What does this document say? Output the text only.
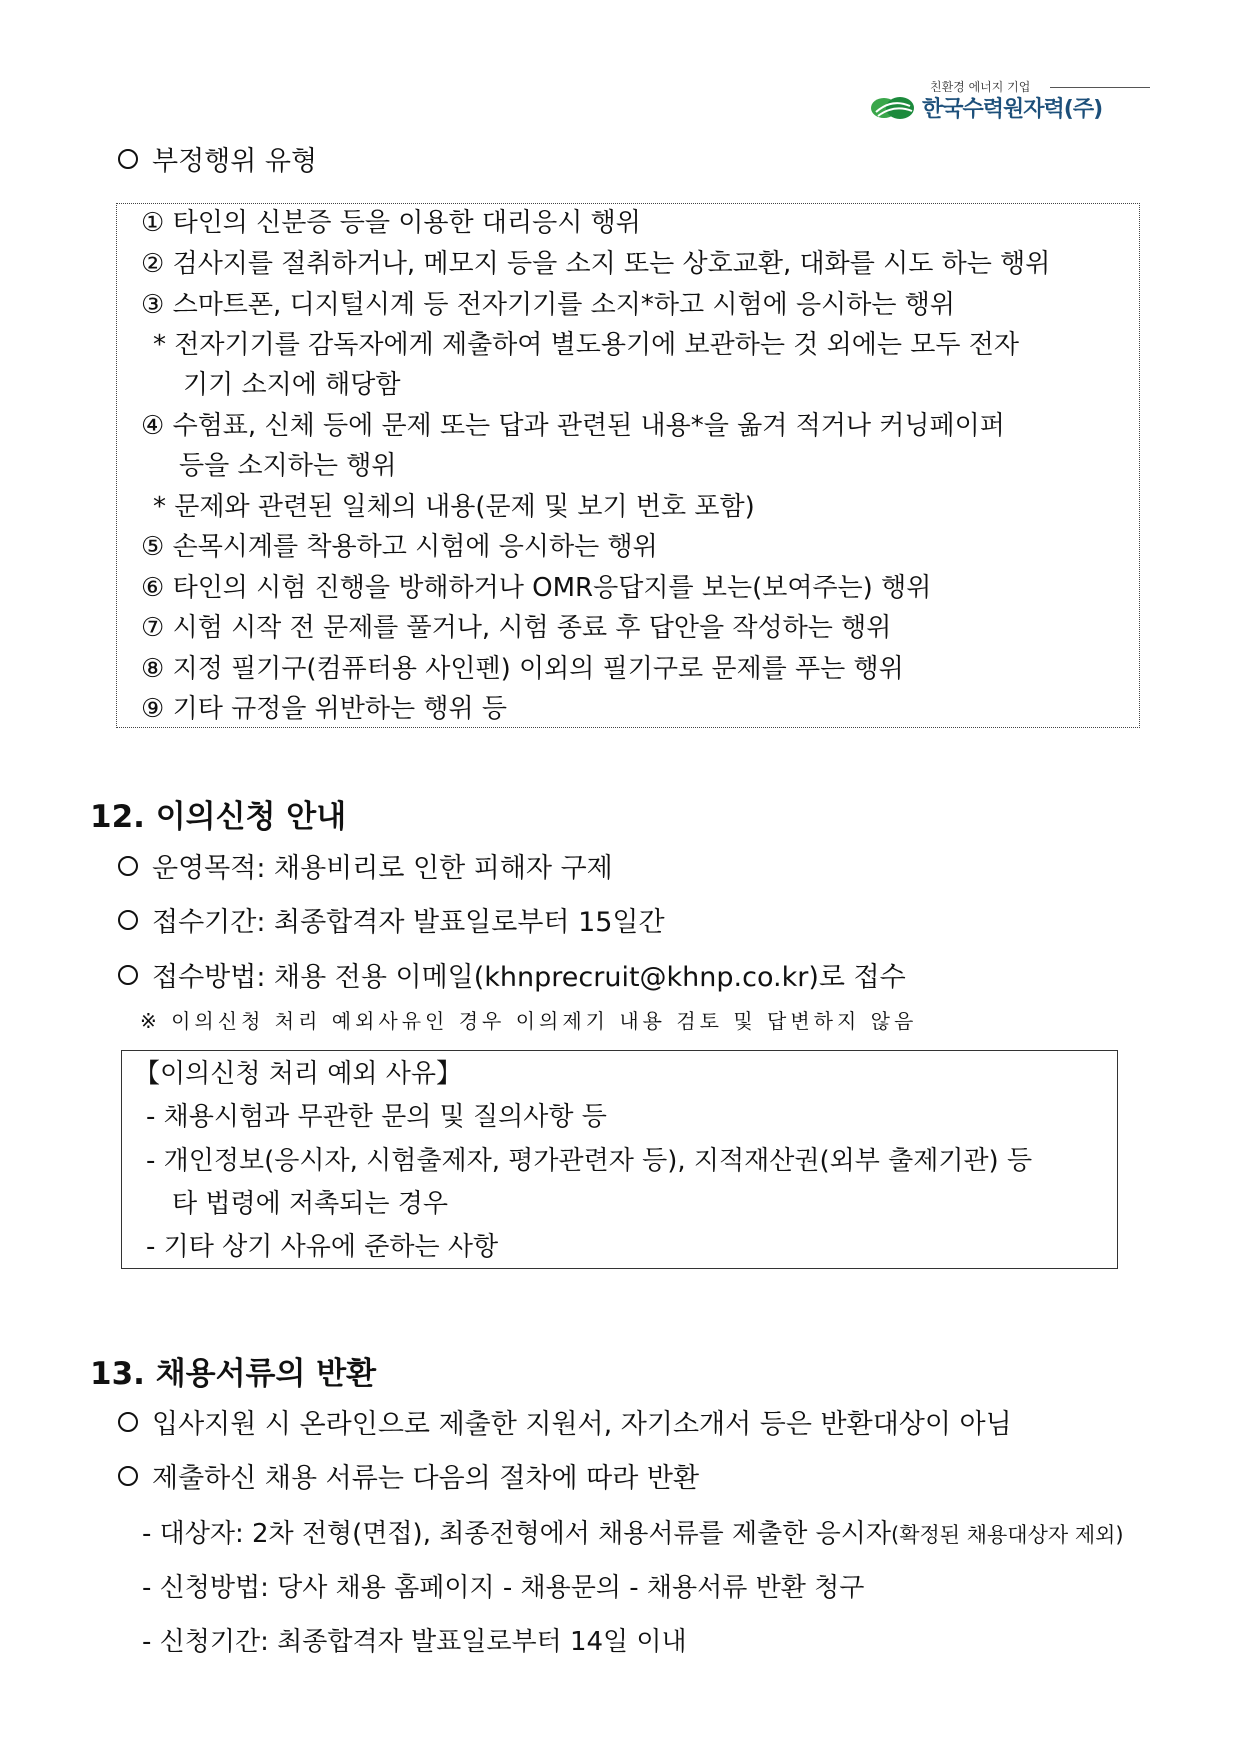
친환경 에너지 기업
한국수력원자력(주)
부정행위 유형
① 타인의 신분증 등을 이용한 대리응시 행위
② 검사지를 절취하거나, 메모지 등을 소지 또는 상호교환, 대화를 시도 하는 행위
③ 스마트폰, 디지털시계 등 전자기기를 소지*하고 시험에 응시하는 행위
* 전자기기를 감독자에게 제출하여 별도용기에 보관하는 것 외에는 모두 전자
기기 소지에 해당함
④ 수험표, 신체 등에 문제 또는 답과 관련된 내용*을 옮겨 적거나 커닝페이퍼
등을 소지하는 행위
* 문제와 관련된 일체의 내용(문제 및 보기 번호 포함)
⑤ 손목시계를 착용하고 시험에 응시하는 행위
⑥ 타인의 시험 진행을 방해하거나 OMR응답지를 보는(보여주는) 행위
⑦ 시험 시작 전 문제를 풀거나, 시험 종료 후 답안을 작성하는 행위
⑧ 지정 필기구(컴퓨터용 사인펜) 이외의 필기구로 문제를 푸는 행위
⑨ 기타 규정을 위반하는 행위 등
12. 이의신청 안내
운영목적: 채용비리로 인한 피해자 구제
접수기간: 최종합격자 발표일로부터 15일간
접수방법: 채용 전용 이메일(khnprecruit@khnp.co.kr)로 접수
※ 이의신청 처리 예외사유인 경우 이의제기 내용 검토 및 답변하지 않음
【이의신청 처리 예외 사유】
- 채용시험과 무관한 문의 및 질의사항 등
- 개인정보(응시자, 시험출제자, 평가관련자 등), 지적재산권(외부 출제기관) 등
타 법령에 저촉되는 경우
- 기타 상기 사유에 준하는 사항
13. 채용서류의 반환
입사지원 시 온라인으로 제출한 지원서, 자기소개서 등은 반환대상이 아님
제출하신 채용 서류는 다음의 절차에 따라 반환
- 대상자: 2차 전형(면접), 최종전형에서 채용서류를 제출한 응시자(확정된 채용대상자 제외)
- 신청방법: 당사 채용 홈페이지 - 채용문의 - 채용서류 반환 청구
- 신청기간: 최종합격자 발표일로부터 14일 이내
